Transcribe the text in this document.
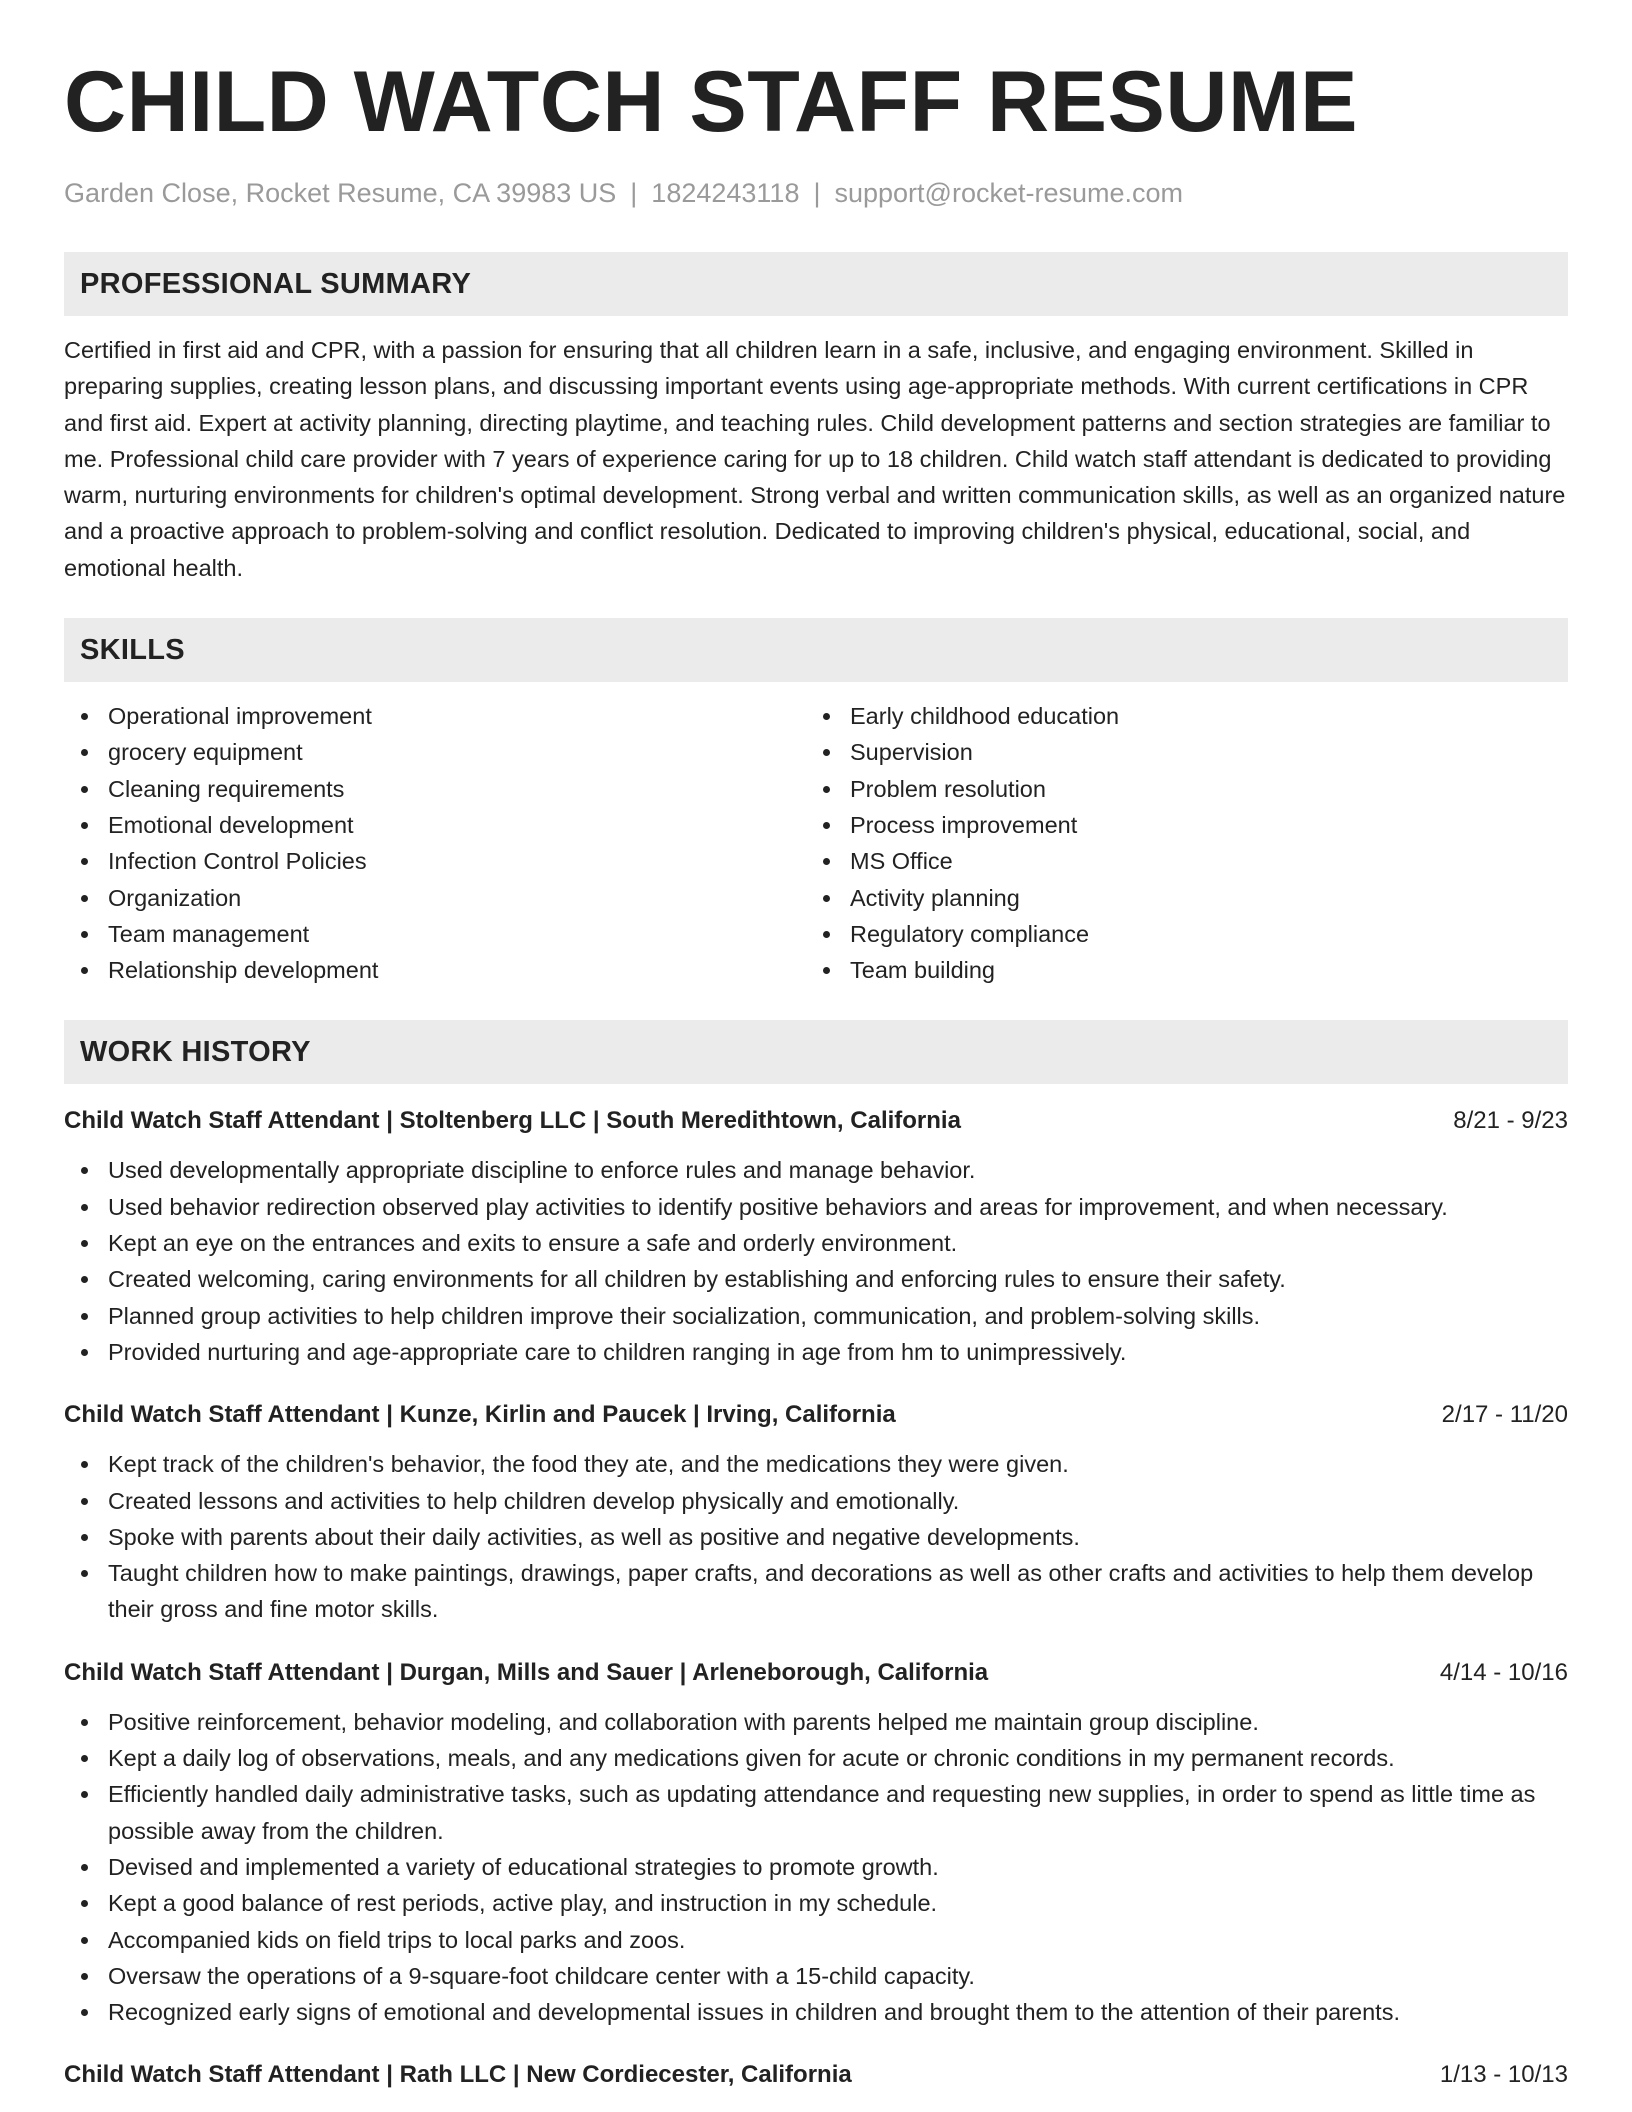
CHILD WATCH STAFF RESUME
Garden Close, Rocket Resume, CA 39983 US | 1824243118 | support@rocket-resume.com
PROFESSIONAL SUMMARY

Certified in first aid and CPR, with a passion for ensuring that all children learn in a safe, inclusive, and engaging environment. Skilled in preparing supplies, creating lesson plans, and discussing important events using age-appropriate methods. With current certifications in CPR and first aid. Expert at activity planning, directing playtime, and teaching rules. Child development patterns and section strategies are familiar to me. Professional child care provider with 7 years of experience caring for up to 18 children. Child watch staff attendant is dedicated to providing warm, nurturing environments for children's optimal development. Strong verbal and written communication skills, as well as an organized nature and a proactive approach to problem-solving and conflict resolution. Dedicated to improving children's physical, educational, social, and emotional health.

SKILLS
Operational improvement
grocery equipment
Cleaning requirements
Emotional development
Infection Control Policies
Organization
Team management
Relationship development
Early childhood education
Supervision
Problem resolution
Process improvement
MS Office
Activity planning
Regulatory compliance
Team building
WORK HISTORY
Child Watch Staff Attendant | Stoltenberg LLC | South Meredithtown, California	8/21 - 9/23
Used developmentally appropriate discipline to enforce rules and manage behavior.
Used behavior redirection observed play activities to identify positive behaviors and areas for improvement, and when necessary.
Kept an eye on the entrances and exits to ensure a safe and orderly environment.
Created welcoming, caring environments for all children by establishing and enforcing rules to ensure their safety.
Planned group activities to help children improve their socialization, communication, and problem-solving skills.
Provided nurturing and age-appropriate care to children ranging in age from hm to unimpressively.
Child Watch Staff Attendant | Kunze, Kirlin and Paucek | Irving, California	2/17 - 11/20
Kept track of the children's behavior, the food they ate, and the medications they were given.
Created lessons and activities to help children develop physically and emotionally.
Spoke with parents about their daily activities, as well as positive and negative developments.
Taught children how to make paintings, drawings, paper crafts, and decorations as well as other crafts and activities to help them develop their gross and fine motor skills.
Child Watch Staff Attendant | Durgan, Mills and Sauer | Arleneborough, California	4/14 - 10/16
Positive reinforcement, behavior modeling, and collaboration with parents helped me maintain group discipline.
Kept a daily log of observations, meals, and any medications given for acute or chronic conditions in my permanent records.
Efficiently handled daily administrative tasks, such as updating attendance and requesting new supplies, in order to spend as little time as possible away from the children.
Devised and implemented a variety of educational strategies to promote growth.
Kept a good balance of rest periods, active play, and instruction in my schedule.
Accompanied kids on field trips to local parks and zoos.
Oversaw the operations of a 9-square-foot childcare center with a 15-child capacity.
Recognized early signs of emotional and developmental issues in children and brought them to the attention of their parents.
Child Watch Staff Attendant | Rath LLC | New Cordiecester, California	1/13 - 10/13
